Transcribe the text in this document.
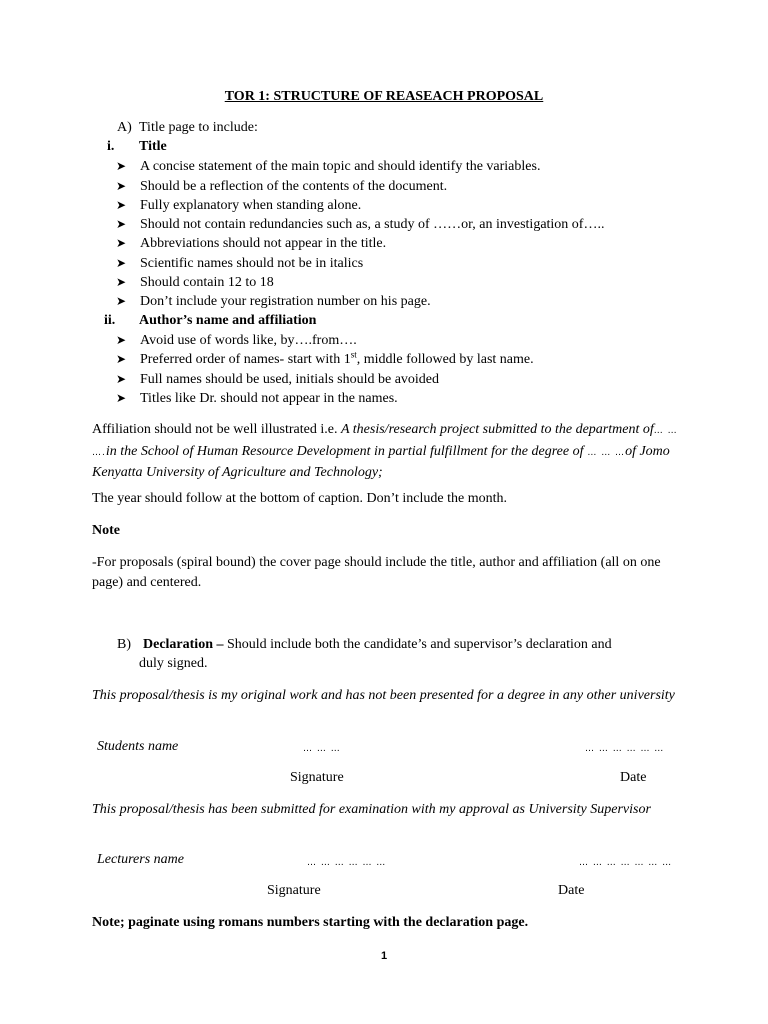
TOR 1: STRUCTURE OF REASEACH PROPOSAL
A) Title page to include:
i. Title
➤ A concise statement of the main topic and should identify the variables.
➤ Should be a reflection of the contents of the document.
➤ Fully explanatory when standing alone.
➤ Should not contain redundancies such as, a study of ……or, an investigation of…..
➤ Abbreviations should not appear in the title.
➤ Scientific names should not be in italics
➤ Should contain 12 to 18
➤ Don’t include your registration number on his page.
ii. Author’s name and affiliation
➤ Avoid use of words like, by….from….
➤ Preferred order of names- start with 1st, middle followed by last name.
➤ Full names should be used, initials should be avoided
➤ Titles like Dr. should not appear in the names.
Affiliation should not be well illustrated i.e. A thesis/research project submitted to the department of… … ….in the School of Human Resource Development in partial fulfillment for the degree of … … …of Jomo Kenyatta University of Agriculture and Technology;
The year should follow at the bottom of caption. Don’t include the month.
Note
-For proposals (spiral bound) the cover page should include the title, author and affiliation (all on one page) and centered.
B) Declaration – Should include both the candidate’s and supervisor’s declaration and
duly signed.
This proposal/thesis is my original work and has not been presented for a degree in any other university
Students name	… … …	… … … … … …
Signature	Date
This proposal/thesis has been submitted for examination with my approval as University Supervisor
Lecturers name	… … … … … …	… … … … … … …
Signature	Date
Note; paginate using romans numbers starting with the declaration page.
1
